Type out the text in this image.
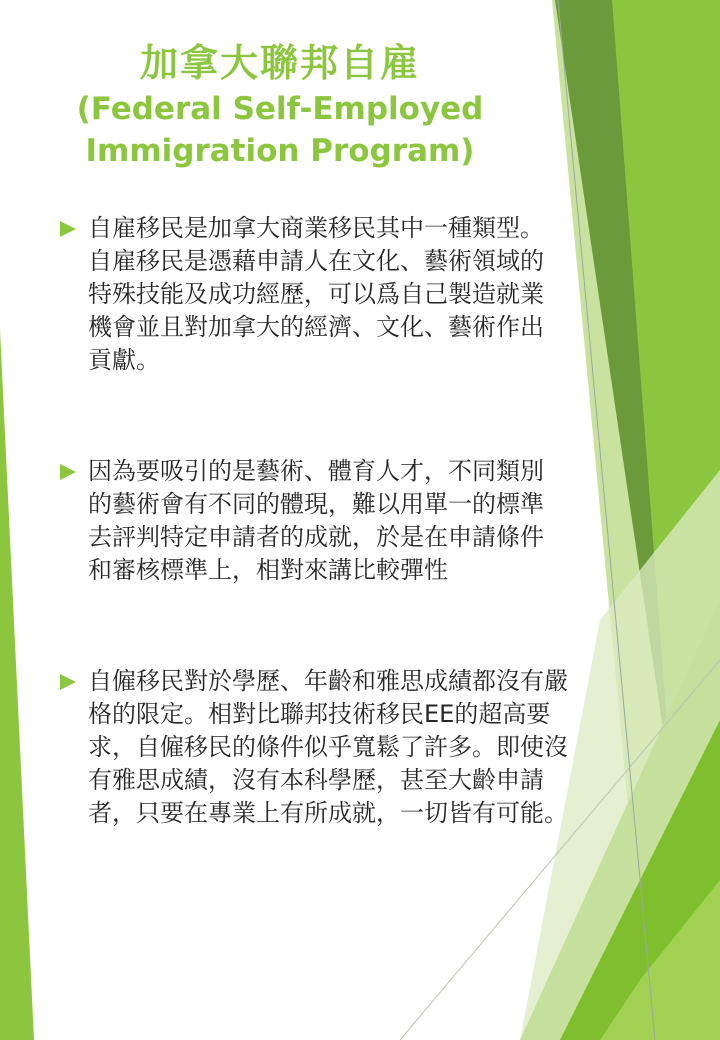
加拿大聯邦自雇
(Federal Self-Employed Immigration Program)
自雇移民是加拿大商業移民其中一種類型。自雇移民是憑藉申請人在文化、藝術領域的特殊技能及成功經歷，可以爲自己製造就業機會並且對加拿大的經濟、文化、藝術作出貢獻。
因為要吸引的是藝術、體育人才，不同類別的藝術會有不同的體現，難以用單一的標準去評判特定申請者的成就，於是在申請條件和審核標準上，相對來講比較彈性
自僱移民對於學歷、年齡和雅思成績都沒有嚴格的限定。相對比聯邦技術移民EE的超高要求，自僱移民的條件似乎寬鬆了許多。即使沒有雅思成績，沒有本科學歷，甚至大齡申請者，只要在專業上有所成就，一切皆有可能。
